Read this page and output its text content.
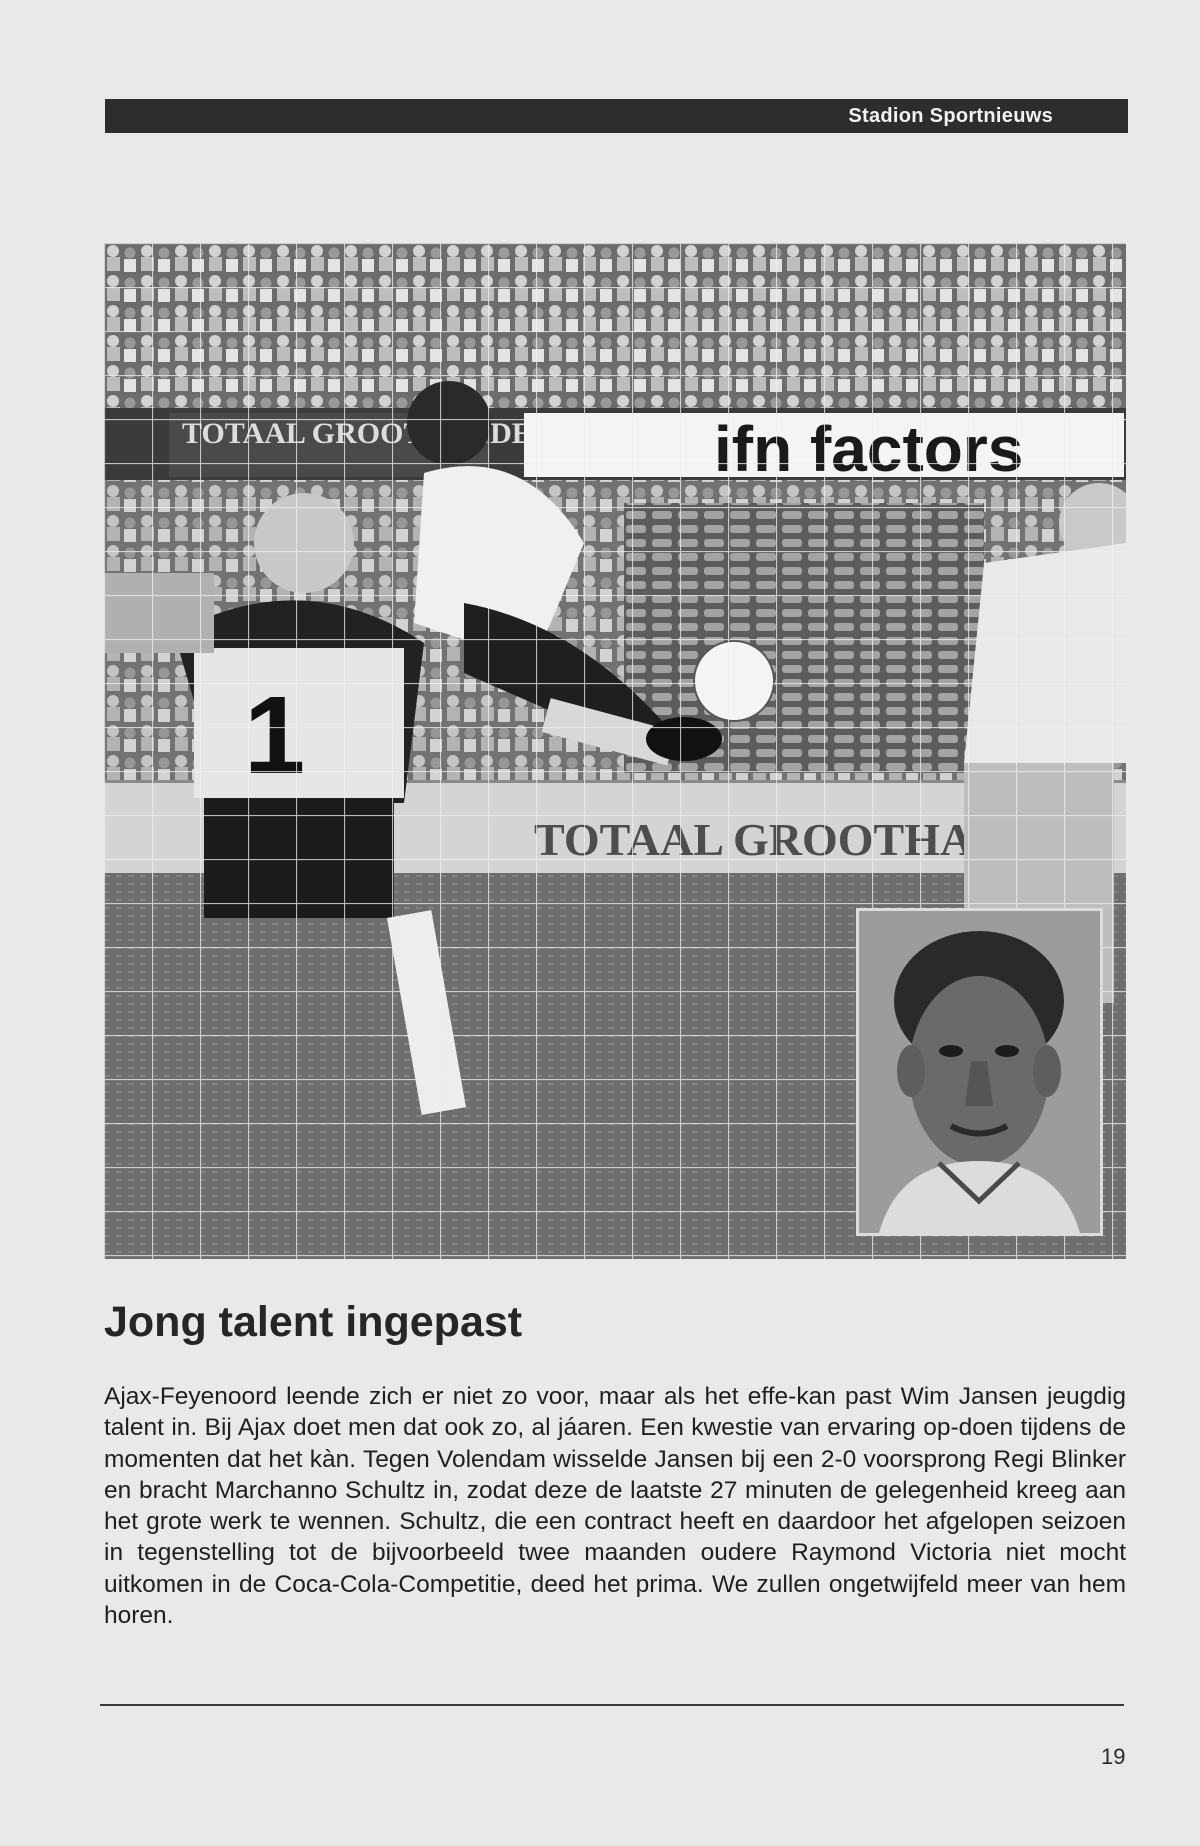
Stadion Sportnieuws
Jong talent ingepast

Ajax-Feyenoord leende zich er niet zo voor, maar als het effe-kan past Wim Jansen jeugdig talent in. Bij Ajax doet men dat ook zo, al jáaren. Een kwestie van ervaring op-doen tijdens de momenten dat het kàn. Tegen Volendam wisselde Jansen bij een 2-0 voorsprong Regi Blinker en bracht Marchanno Schultz in, zodat deze de laatste 27 minuten de gelegenheid kreeg aan het grote werk te wennen. Schultz, die een contract heeft en daardoor het afgelopen seizoen in tegenstelling tot de bijvoorbeeld twee maanden oudere Raymond Victoria niet mocht uitkomen in de Coca-Cola-Competitie, deed het prima. We zullen ongetwijfeld meer van hem horen.

19
